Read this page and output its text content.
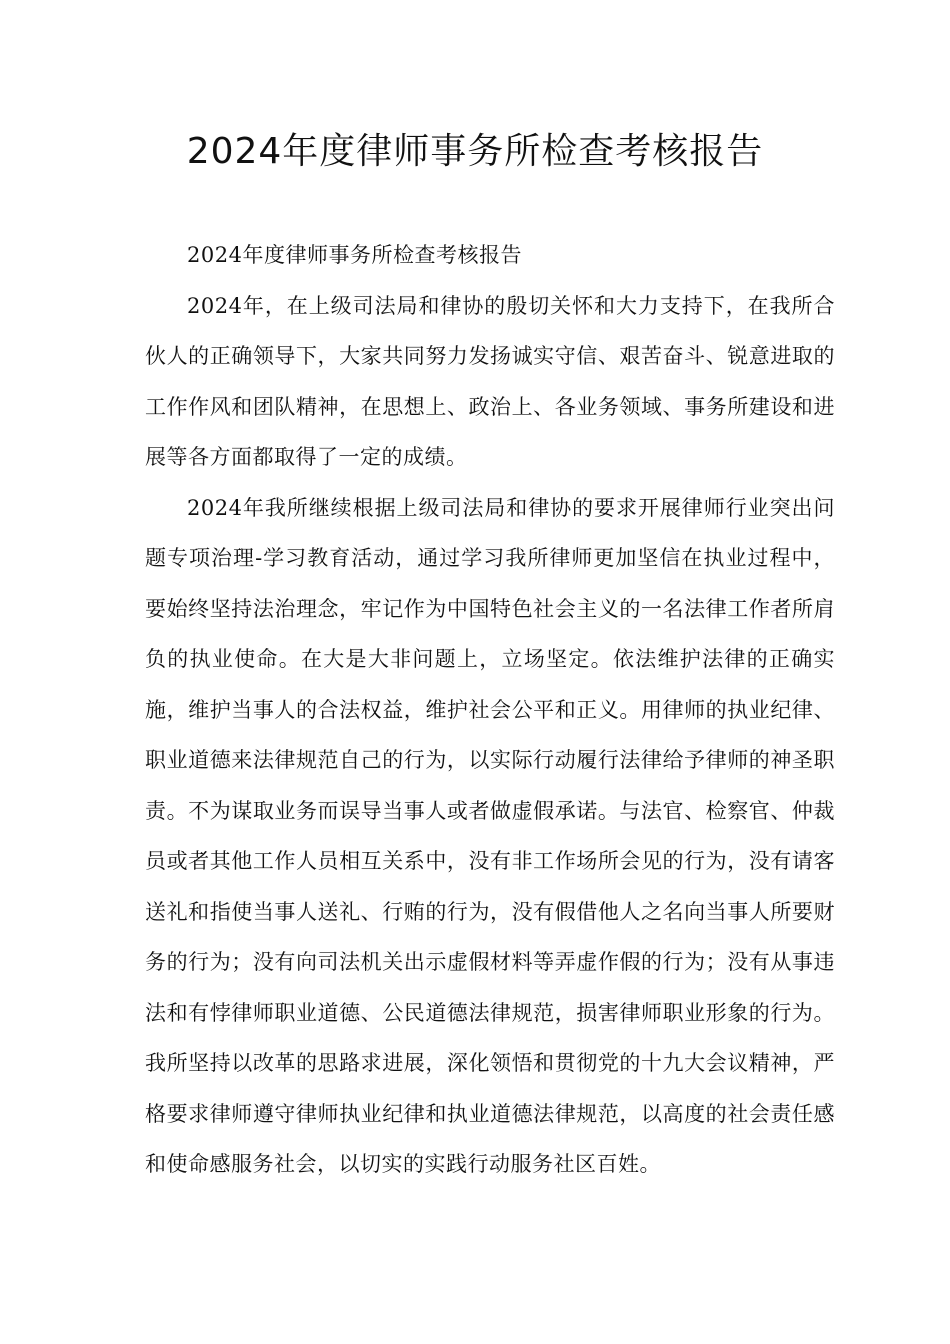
2024年度律师事务所检查考核报告

2024年度律师事务所检查考核报告

2024年，在上级司法局和律协的殷切关怀和大力支持下，在我所合伙人的正确领导下，大家共同努力发扬诚实守信、艰苦奋斗、锐意进取的工作作风和团队精神，在思想上、政治上、各业务领域、事务所建设和进展等各方面都取得了一定的成绩。

2024年我所继续根据上级司法局和律协的要求开展律师行业突出问题专项治理-学习教育活动，通过学习我所律师更加坚信在执业过程中，要始终坚持法治理念，牢记作为中国特色社会主义的一名法律工作者所肩负的执业使命。在大是大非问题上，立场坚定。依法维护法律的正确实施，维护当事人的合法权益，维护社会公平和正义。用律师的执业纪律、职业道德来法律规范自己的行为，以实际行动履行法律给予律师的神圣职责。不为谋取业务而误导当事人或者做虚假承诺。与法官、检察官、仲裁员或者其他工作人员相互关系中，没有非工作场所会见的行为，没有请客送礼和指使当事人送礼、行贿的行为，没有假借他人之名向当事人所要财务的行为；没有向司法机关出示虚假材料等弄虚作假的行为；没有从事违法和有悖律师职业道德、公民道德法律规范，损害律师职业形象的行为。我所坚持以改革的思路求进展，深化领悟和贯彻党的十九大会议精神，严格要求律师遵守律师执业纪律和执业道德法律规范，以高度的社会责任感和使命感服务社会，以切实的实践行动服务社区百姓。
